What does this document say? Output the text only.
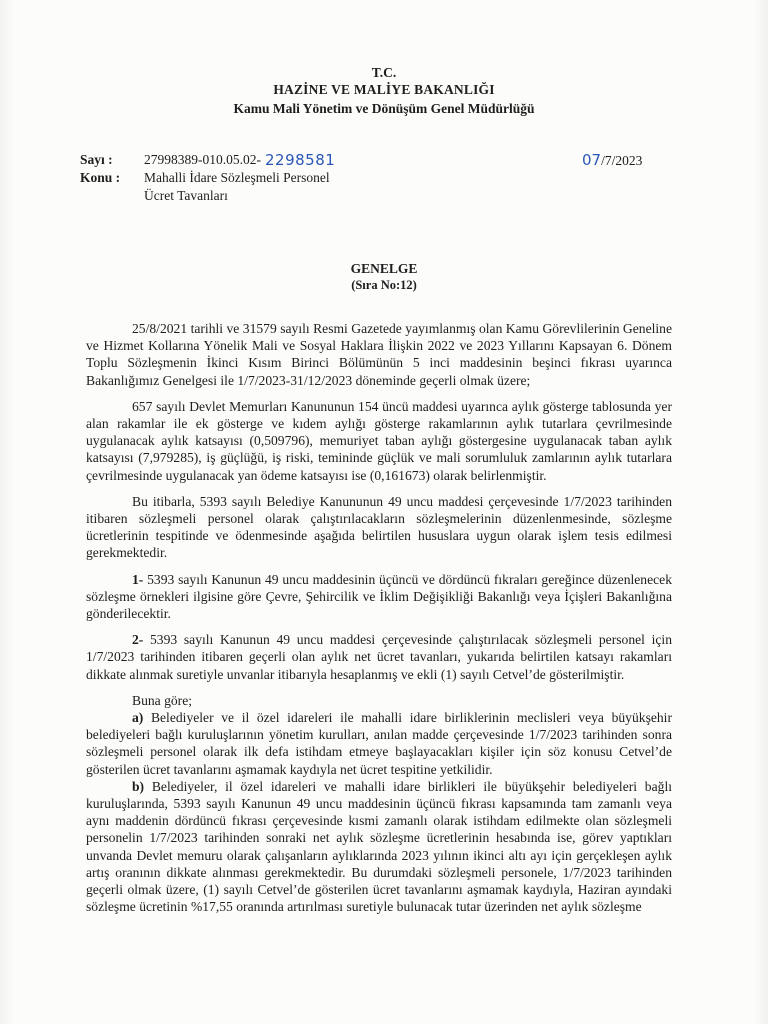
T.C.
HAZİNE VE MALİYE BAKANLIĞI
Kamu Mali Yönetim ve Dönüşüm Genel Müdürlüğü
Sayı :	27998389-010.05.02- 2298581
Konu :	Mahalli İdare Sözleşmeli Personel
Ücret Tavanları
07/7/2023
GENELGE
(Sıra No:12)

25/8/2021 tarihli ve 31579 sayılı Resmi Gazetede yayımlanmış olan Kamu Görevlilerinin Geneline ve Hizmet Kollarına Yönelik Mali ve Sosyal Haklara İlişkin 2022 ve 2023 Yıllarını Kapsayan 6. Dönem Toplu Sözleşmenin İkinci Kısım Birinci Bölümünün 5 inci maddesinin beşinci fıkrası uyarınca Bakanlığımız Genelgesi ile 1/7/2023-31/12/2023 döneminde geçerli olmak üzere;

657 sayılı Devlet Memurları Kanununun 154 üncü maddesi uyarınca aylık gösterge tablosunda yer alan rakamlar ile ek gösterge ve kıdem aylığı gösterge rakamlarının aylık tutarlara çevrilmesinde uygulanacak aylık katsayısı (0,509796), memuriyet taban aylığı göstergesine uygulanacak taban aylık katsayısı (7,979285), iş güçlüğü, iş riski, temininde güçlük ve mali sorumluluk zamlarının aylık tutarlara çevrilmesinde uygulanacak yan ödeme katsayısı ise (0,161673) olarak belirlenmiştir.

Bu itibarla, 5393 sayılı Belediye Kanununun 49 uncu maddesi çerçevesinde 1/7/2023 tarihinden itibaren sözleşmeli personel olarak çalıştırılacakların sözleşmelerinin düzenlenmesinde, sözleşme ücretlerinin tespitinde ve ödenmesinde aşağıda belirtilen hususlara uygun olarak işlem tesis edilmesi gerekmektedir.

1- 5393 sayılı Kanunun 49 uncu maddesinin üçüncü ve dördüncü fıkraları gereğince düzenlenecek sözleşme örnekleri ilgisine göre Çevre, Şehircilik ve İklim Değişikliği Bakanlığı veya İçişleri Bakanlığına gönderilecektir.

2- 5393 sayılı Kanunun 49 uncu maddesi çerçevesinde çalıştırılacak sözleşmeli personel için 1/7/2023 tarihinden itibaren geçerli olan aylık net ücret tavanları, yukarıda belirtilen katsayı rakamları dikkate alınmak suretiyle unvanlar itibarıyla hesaplanmış ve ekli (1) sayılı Cetvel’de gösterilmiştir.

Buna göre;

a) Belediyeler ve il özel idareleri ile mahalli idare birliklerinin meclisleri veya büyükşehir belediyeleri bağlı kuruluşlarının yönetim kurulları, anılan madde çerçevesinde 1/7/2023 tarihinden sonra sözleşmeli personel olarak ilk defa istihdam etmeye başlayacakları kişiler için söz konusu Cetvel’de gösterilen ücret tavanlarını aşmamak kaydıyla net ücret tespitine yetkilidir.

b) Belediyeler, il özel idareleri ve mahalli idare birlikleri ile büyükşehir belediyeleri bağlı kuruluşlarında, 5393 sayılı Kanunun 49 uncu maddesinin üçüncü fıkrası kapsamında tam zamanlı veya aynı maddenin dördüncü fıkrası çerçevesinde kısmi zamanlı olarak istihdam edilmekte olan sözleşmeli personelin 1/7/2023 tarihinden sonraki net aylık sözleşme ücretlerinin hesabında ise, görev yaptıkları unvanda Devlet memuru olarak çalışanların aylıklarında 2023 yılının ikinci altı ayı için gerçekleşen aylık artış oranının dikkate alınması gerekmektedir. Bu durumdaki sözleşmeli personele, 1/7/2023 tarihinden geçerli olmak üzere, (1) sayılı Cetvel’de gösterilen ücret tavanlarını aşmamak kaydıyla, Haziran ayındaki sözleşme ücretinin %17,55 oranında artırılması suretiyle bulunacak tutar üzerinden net aylık sözleşme
